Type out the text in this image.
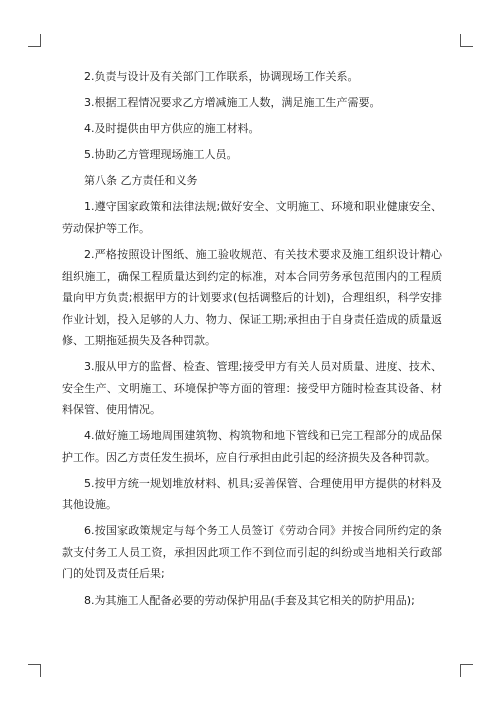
2.负责与设计及有关部门工作联系，协调现场工作关系。

3.根据工程情况要求乙方增减施工人数，满足施工生产需要。

4.及时提供由甲方供应的施工材料。

5.协助乙方管理现场施工人员。

第八条 乙方责任和义务

1.遵守国家政策和法律法规;做好安全、文明施工、环境和职业健康安全、劳动保护等工作。

2.严格按照设计图纸、施工验收规范、有关技术要求及施工组织设计精心组织施工，确保工程质量达到约定的标准，对本合同劳务承包范围内的工程质量向甲方负责;根据甲方的计划要求(包括调整后的计划)，合理组织，科学安排作业计划，投入足够的人力、物力、保证工期;承担由于自身责任造成的质量返修、工期拖延损失及各种罚款。

3.服从甲方的监督、检查、管理;接受甲方有关人员对质量、进度、技术、安全生产、文明施工、环境保护等方面的管理：接受甲方随时检查其设备、材料保管、使用情况。

4.做好施工场地周围建筑物、构筑物和地下管线和已完工程部分的成品保护工作。因乙方责任发生损坏，应自行承担由此引起的经济损失及各种罚款。

5.按甲方统一规划堆放材料、机具;妥善保管、合理使用甲方提供的材料及其他设施。

6.按国家政策规定与每个务工人员签订《劳动合同》并按合同所约定的条款支付务工人员工资，承担因此项工作不到位而引起的纠纷或当地相关行政部门的处罚及责任后果;

8.为其施工人配备必要的劳动保护用品(手套及其它相关的防护用品);
